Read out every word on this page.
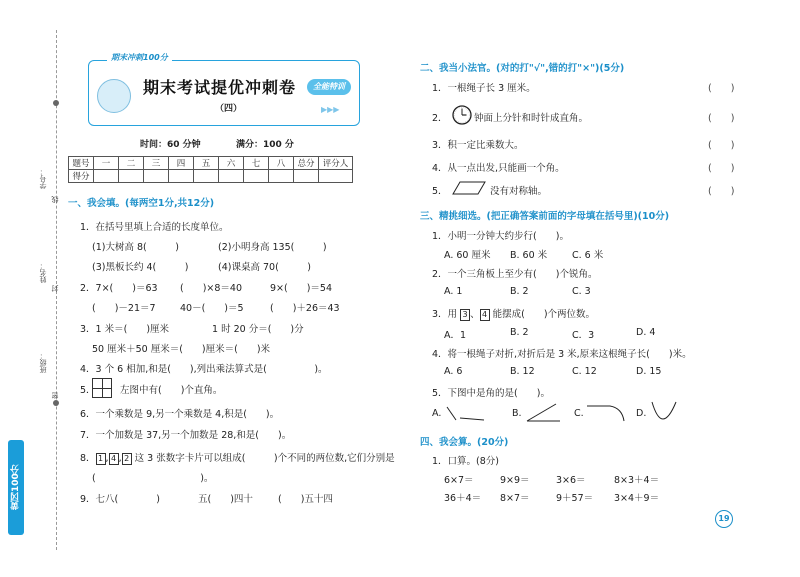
学号：
线
姓名：
封
班级：
密
黄冈100分
期末冲刺100分
期末考试提优冲刺卷
（四）
全能特训
▶▶▶
时间：60 分钟	满分：100 分
题号	一	二	三	四	五	六	七	八	总分	评分人
得分										
一、我会填。(每两空1分,共12分)
1．在括号里填上合适的长度单位。
(1)大树高 8(　　　)	(2)小明身高 135(　　　)
(3)黑板长约 4(　　　)	(4)课桌高 70(　　　)
2．7×(　　)＝63 (　　)×8＝40	9×(　　)＝54
(　　)－21＝7	40－(　　)＝5	(　　)＋26＝43
3．1 米＝(　　)厘米	1 时 20 分＝(　　)分
50 厘米＋50 厘米＝(　　)厘米＝(　　)米
4．3 个 6 相加,和是(　　),列出乘法算式是(　　　　　)。
5．	左图中有(　　)个直角。
6．一个乘数是 9,另一个乘数是 4,积是(　　)。
7．一个加数是 37,另一个加数是 28,和是(　　)。
8． 1 , 4 , 2 这 3 张数字卡片可以组成(　　　)个不同的两位数,它们分别是
(　　　　　　　　　　　)。
9．七八(　　　　)	五(　　)四十	(　　)五十四
二、我当小法官。(对的打"√",错的打"×")(5分)
1．一根绳子长 3 厘米。	(　　)
2．	钟面上分针和时针成直角。	(　　)
3．积一定比乘数大。	(　　)
4．从一点出发,只能画一个角。	(　　)
5．	没有对称轴。	(　　)
三、精挑细选。(把正确答案前面的字母填在括号里)(10分)
1．小明一分钟大约步行(　　)。
A. 60 厘米 B. 60 米	C. 6 米
2．一个三角板上至少有(　　)个锐角。
A. 1	B. 2	C. 3
3．用 3 、 4 能摆成(　　)个两位数。
A．1	B. 2	C．3	D. 4
4．将一根绳子对折,对折后是 3 米,原来这根绳子长(　　)米。
A. 6	B. 12	C. 12	D. 15
5．下图中是角的是(　　)。
A.	B.	C.	D.
四、我会算。(20分)
1．口算。(8分)
6×7＝	9×9＝	3×6＝	8×3＋4＝
36＋4＝ 8×7＝	9＋57＝ 3×4＋9＝
19
